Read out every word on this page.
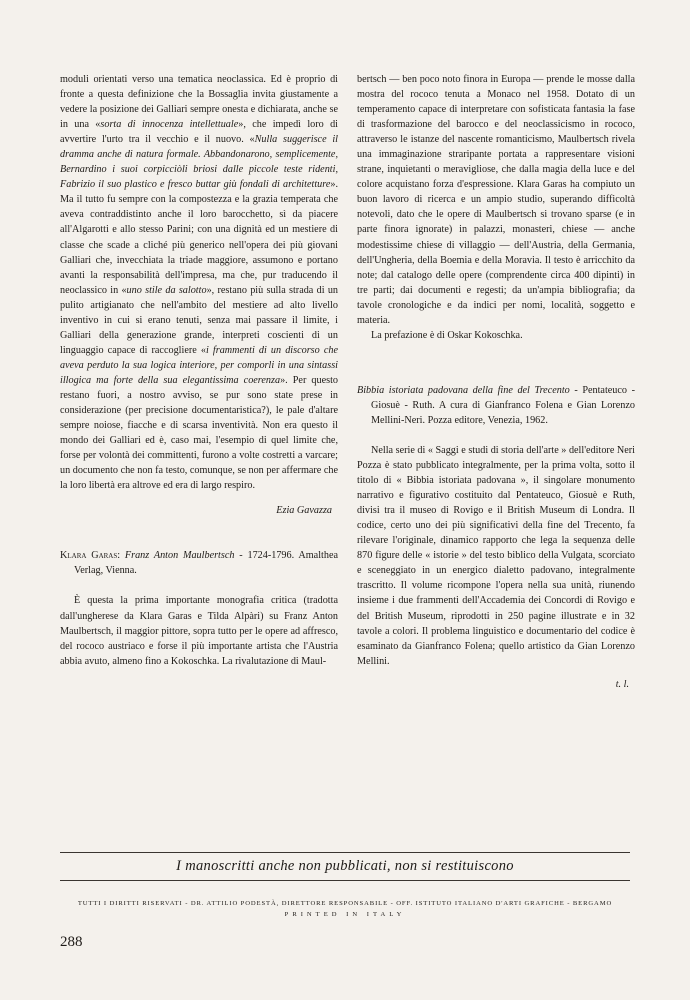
moduli orientati verso una tematica neoclassica. Ed è proprio di fronte a questa definizione che la Bossaglia invita giustamente a vedere la posizione dei Galliari sempre onesta e dichiarata, anche se in una «sorta di innocenza intellettuale», che impedì loro di avvertire l'urto tra il vecchio e il nuovo. «Nulla suggerisce il dramma anche di natura formale. Abbandonarono, semplicemente, Bernardino i suoi corpicciòli briosi dalle piccole teste ridenti, Fabrizio il suo plastico e fresco buttar giù fondali di architetture». Ma il tutto fu sempre con la compostezza e la grazia temperata che aveva contraddistinto anche il loro barocchetto, sì da piacere all'Algarotti e allo stesso Parini; con una dignità ed un mestiere di classe che scade a cliché più generico nell'opera dei più giovani Galliari che, invecchiata la triade maggiore, assumono e portano avanti la responsabilità dell'impresa, ma che, pur traducendo il neoclassico in «uno stile da salotto», restano più sulla strada di un pulito artigianato che nell'ambito del mestiere ad alto livello inventivo in cui si erano tenuti, senza mai passare il limite, i Galliari della generazione grande, interpreti coscienti di un linguaggio capace di raccogliere «i frammenti di un discorso che aveva perduto la sua logica interiore, per comporli in una sintassi illogica ma forte della sua elegantissima coerenza». Per questo restano fuori, a nostro avviso, se pur sono state prese in considerazione (per precisione documentaristica?), le pale d'altare sempre noiose, fiacche e di scarsa inventività. Non era questo il mondo dei Galliari ed è, caso mai, l'esempio di quel limite che, forse per volontà dei committenti, furono a volte costretti a varcare; un documento che non fa testo, comunque, se non per affermare che la loro libertà era altrove ed era di largo respiro.

Ezia Gavazza

Klara Garas: Franz Anton Maulbertsch - 1724-1796. Amalthea Verlag, Vienna.

È questa la prima importante monografia critica (tradotta dall'ungherese da Klara Garas e Tilda Alpàri) su Franz Anton Maulbertsch, il maggior pittore, sopra tutto per le opere ad affresco, del rococo austriaco e forse il più importante artista che l'Austria abbia avuto, almeno fino a Kokoschka. La rivalutazione di Maul-

bertsch — ben poco noto finora in Europa — prende le mosse dalla mostra del rococo tenuta a Monaco nel 1958. Dotato di un temperamento capace di interpretare con sofisticata fantasia la fase di trasformazione del barocco e del neoclassicismo in rococo, attraverso le istanze del nascente romanticismo, Maulbertsch rivela una immaginazione straripante portata a rappresentare visioni strane, inquietanti o meravigliose, che dalla magia della luce e del colore acquistano forza d'espressione. Klara Garas ha compiuto un buon lavoro di ricerca e un ampio studio, superando difficoltà notevoli, dato che le opere di Maulbertsch si trovano sparse (e in parte finora ignorate) in palazzi, monasteri, chiese — anche modestissime chiese di villaggio — dell'Austria, della Germania, dell'Ungheria, della Boemia e della Moravia. Il testo è arricchito da note; dal catalogo delle opere (comprendente circa 400 dipinti) in tre parti; dai documenti e regesti; da un'ampia bibliografia; da tavole cronologiche e da indici per nomi, località, soggetto e materia.

La prefazione è di Oskar Kokoschka.

Bibbia istoriata padovana della fine del Trecento - Pentateuco - Giosuè - Ruth. A cura di Gianfranco Folena e Gian Lorenzo Mellini-Neri. Pozza editore, Venezia, 1962.

Nella serie di « Saggi e studi di storia dell'arte » dell'editore Neri Pozza è stato pubblicato integralmente, per la prima volta, sotto il titolo di « Bibbia istoriata padovana », il singolare monumento narrativo e figurativo costituito dal Pentateuco, Giosuè e Ruth, divisi tra il museo di Rovigo e il British Museum di Londra. Il codice, certo uno dei più significativi della fine del Trecento, fa rilevare l'originale, dinamico rapporto che lega la sequenza delle 870 figure delle « istorie » del testo biblico della Vulgata, scorciato e sceneggiato in un energico dialetto padovano, integralmente trascritto. Il volume ricompone l'opera nella sua unità, riunendo insieme i due frammenti dell'Accademia dei Concordi di Rovigo e del British Museum, riprodotti in 250 pagine illustrate e in 32 tavole a colori. Il problema linguistico e documentario del codice è esaminato da Gianfranco Folena; quello artistico da Gian Lorenzo Mellini.

t. l.

I manoscritti anche non pubblicati, non si restituiscono
TUTTI I DIRITTI RISERVATI - DR. ATTILIO PODESTÀ, DIRETTORE RESPONSABILE - OFF. ISTITUTO ITALIANO D'ARTI GRAFICHE - BERGAMO
PRINTED IN ITALY
288
